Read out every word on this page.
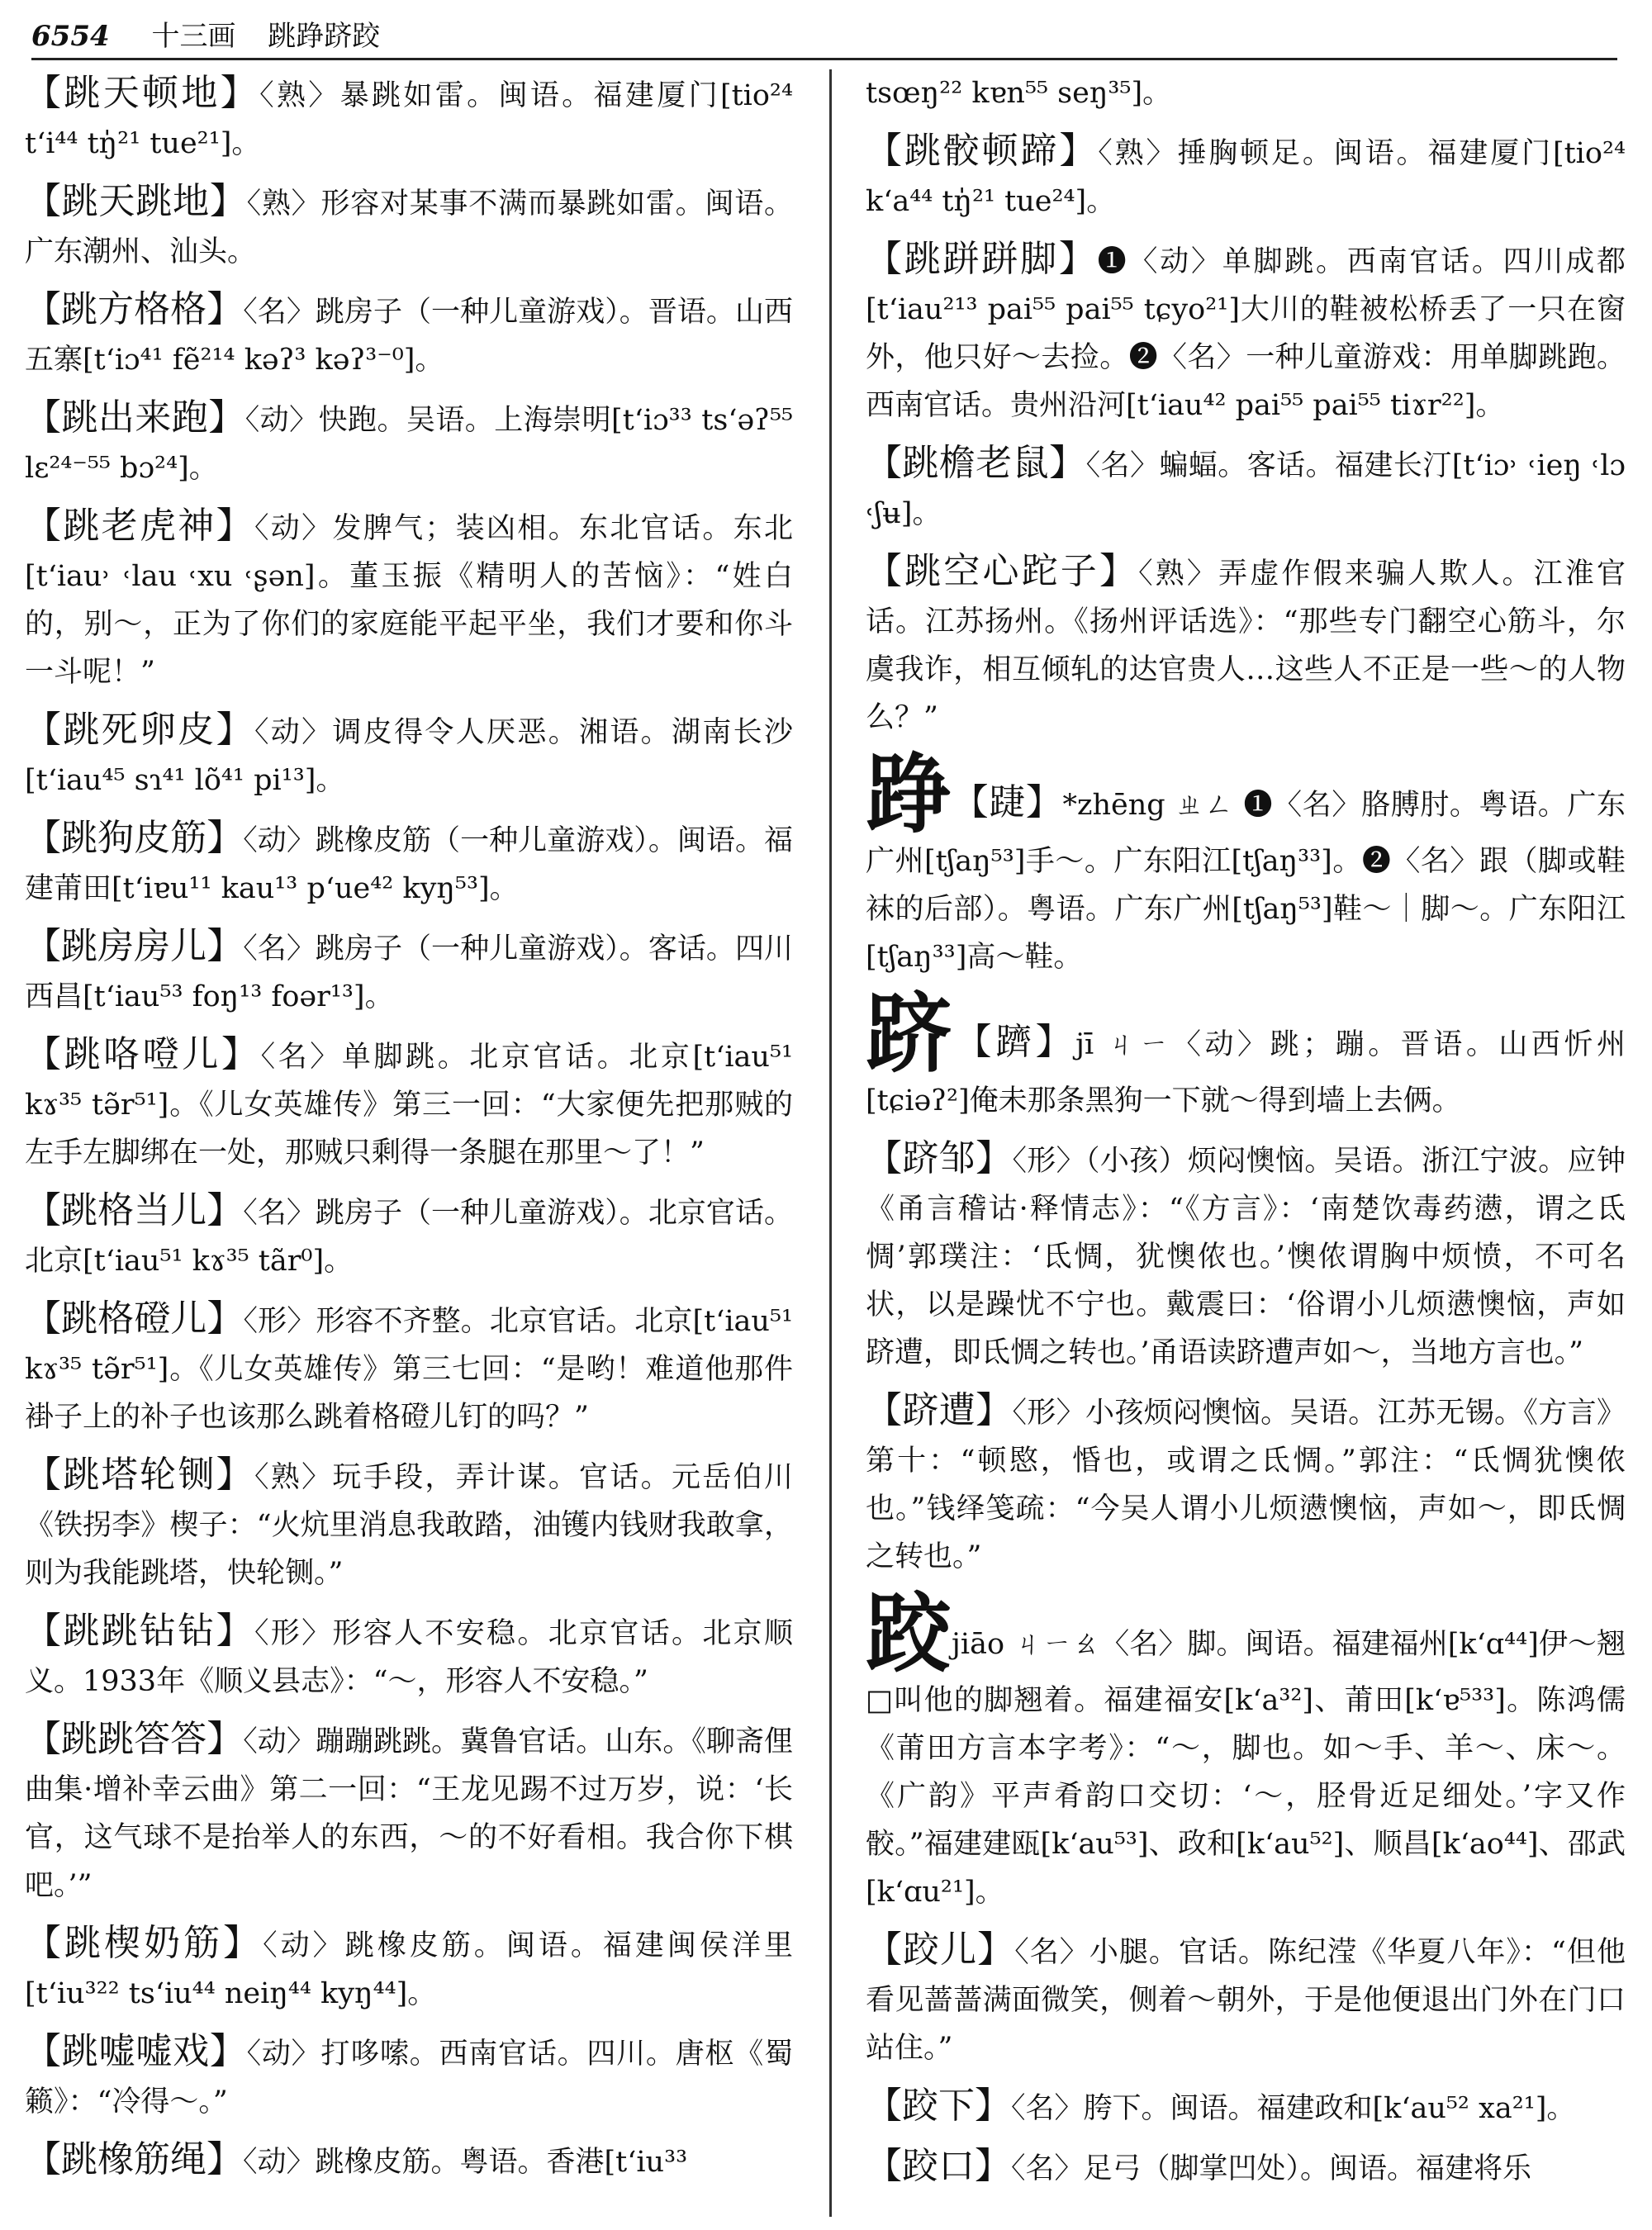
6554 十三画 跳踭跻跤
【跳天顿地】〈熟〉暴跳如雷。闽语。福建厦门[tio²⁴ tʻi⁴⁴ tŋ̍²¹ tue²¹]。
【跳天跳地】〈熟〉形容对某事不满而暴跳如雷。闽语。广东潮州、汕头。
【跳方格格】〈名〉跳房子（一种儿童游戏）。晋语。山西五寨[tʻiɔ⁴¹ fẽ²¹⁴ kəʔ³ kəʔ³⁻⁰]。
【跳出来跑】〈动〉快跑。吴语。上海崇明[tʻiɔ³³ tsʻəʔ⁵⁵ lɛ²⁴⁻⁵⁵ bɔ²⁴]。
【跳老虎神】〈动〉发脾气；装凶相。东北官话。东北[tʻiau˒ ˓lau ˓xu ˓ʂən]。董玉振《精明人的苦恼》：“姓白的，别～，正为了你们的家庭能平起平坐，我们才要和你斗一斗呢！”
【跳死卵皮】〈动〉调皮得令人厌恶。湘语。湖南长沙[tʻiau⁴⁵ sɿ⁴¹ lõ⁴¹ pi¹³]。
【跳狗皮筋】〈动〉跳橡皮筋（一种儿童游戏）。闽语。福建莆田[tʻiɐu¹¹ kau¹³ pʻue⁴² kyŋ⁵³]。
【跳房房儿】〈名〉跳房子（一种儿童游戏）。客话。四川西昌[tʻiau⁵³ foŋ¹³ foər¹³]。
【跳咯噔儿】〈名〉单脚跳。北京官话。北京[tʻiau⁵¹ kɤ³⁵ tə̃r⁵¹]。《儿女英雄传》第三一回：“大家便先把那贼的左手左脚绑在一处，那贼只剩得一条腿在那里～了！”
【跳格当儿】〈名〉跳房子（一种儿童游戏）。北京官话。北京[tʻiau⁵¹ kɤ³⁵ tãr⁰]。
【跳格磴儿】〈形〉形容不齐整。北京官话。北京[tʻiau⁵¹ kɤ³⁵ tə̃r⁵¹]。《儿女英雄传》第三七回：“是哟！难道他那件褂子上的补子也该那么跳着格磴儿钉的吗？”
【跳塔轮铡】〈熟〉玩手段，弄计谋。官话。元岳伯川《铁拐李》楔子：“火炕里消息我敢踏，油镬内钱财我敢拿，则为我能跳塔，快轮铡。”
【跳跳钻钻】〈形〉形容人不安稳。北京官话。北京顺义。1933年《顺义县志》：“～，形容人不安稳。”
【跳跳答答】〈动〉蹦蹦跳跳。冀鲁官话。山东。《聊斋俚曲集·增补幸云曲》第二一回：“王龙见踢不过万岁，说：‘长官，这气球不是抬举人的东西，～的不好看相。我合你下棋吧。’”
【跳楔奶筋】〈动〉跳橡皮筋。闽语。福建闽侯洋里[tʻiu³²² tsʻiu⁴⁴ neiŋ⁴⁴ kyŋ⁴⁴]。
【跳嘘嘘戏】〈动〉打哆嗦。西南官话。四川。唐枢《蜀籁》：“冷得～。”
【跳橡筋绳】〈动〉跳橡皮筋。粤语。香港[tʻiu³³
tsœŋ²² kɐn⁵⁵ seŋ³⁵]。
【跳骹顿蹄】〈熟〉捶胸顿足。闽语。福建厦门[tio²⁴ kʻa⁴⁴ tŋ̍²¹ tue²⁴]。
【跳跰跰脚】❶〈动〉单脚跳。西南官话。四川成都[tʻiau²¹³ pai⁵⁵ pai⁵⁵ tɕyo²¹]大川的鞋被松桥丢了一只在窗外，他只好～去捡。❷〈名〉一种儿童游戏：用单脚跳跑。西南官话。贵州沿河[tʻiau⁴² pai⁵⁵ pai⁵⁵ tiɤr²²]。
【跳檐老鼠】〈名〉蝙蝠。客话。福建长汀[tʻiɔ˒ ˓ieŋ ˓lɔ ˓ʃʉ]。
【跳空心跎子】〈熟〉弄虚作假来骗人欺人。江淮官话。江苏扬州。《扬州评话选》：“那些专门翻空心筋斗，尔虞我诈，相互倾轧的达官贵人…这些人不正是一些～的人物么？”
踭【踕】*zhēng ㄓㄥ ❶〈名〉胳膊肘。粤语。广东广州[tʃaŋ⁵³]手～。广东阳江[tʃaŋ³³]。❷〈名〉跟（脚或鞋袜的后部）。粤语。广东广州[tʃaŋ⁵³]鞋～｜脚～。广东阳江[tʃaŋ³³]高～鞋。
跻【躋】jī ㄐㄧ〈动〉跳；蹦。晋语。山西忻州[tɕiəʔ²]俺未那条黑狗一下就～得到墙上去俩。
【跻邹】〈形〉（小孩）烦闷懊恼。吴语。浙江宁波。应钟《甬言稽诂·释情志》：“《方言》：‘南楚饮毒药懑，谓之氐惆’郭璞注：‘氐惆，犹懊侬也。’懊侬谓胸中烦愤，不可名状，以是躁忧不宁也。戴震曰：‘俗谓小儿烦懑懊恼，声如跻遭，即氐惆之转也。’甬语读跻遭声如～，当地方言也。”
【跻遭】〈形〉小孩烦闷懊恼。吴语。江苏无锡。《方言》第十：“顿愍，惛也，或谓之氐惆。”郭注：“氐惆犹懊侬也。”钱绎笺疏：“今吴人谓小儿烦懑懊恼，声如～，即氐惆之转也。”
跤jiāo ㄐㄧㄠ〈名〉脚。闽语。福建福州[kʻɑ⁴⁴]伊～翘□叫他的脚翘着。福建福安[kʻa³²]、莆田[kʻɐ⁵³³]。陈鸿儒《莆田方言本字考》：“～，脚也。如～手、羊～、床～。《广韵》平声肴韵口交切：‘～，胫骨近足细处。’字又作骹。”福建建瓯[kʻau⁵³]、政和[kʻau⁵²]、顺昌[kʻao⁴⁴]、邵武[kʻɑu²¹]。
【跤儿】〈名〉小腿。官话。陈纪滢《华夏八年》：“但他看见蔷蔷满面微笑，侧着～朝外，于是他便退出门外在门口站住。”
【跤下】〈名〉胯下。闽语。福建政和[kʻau⁵² xa²¹]。
【跤口】〈名〉足弓（脚掌凹处）。闽语。福建将乐
